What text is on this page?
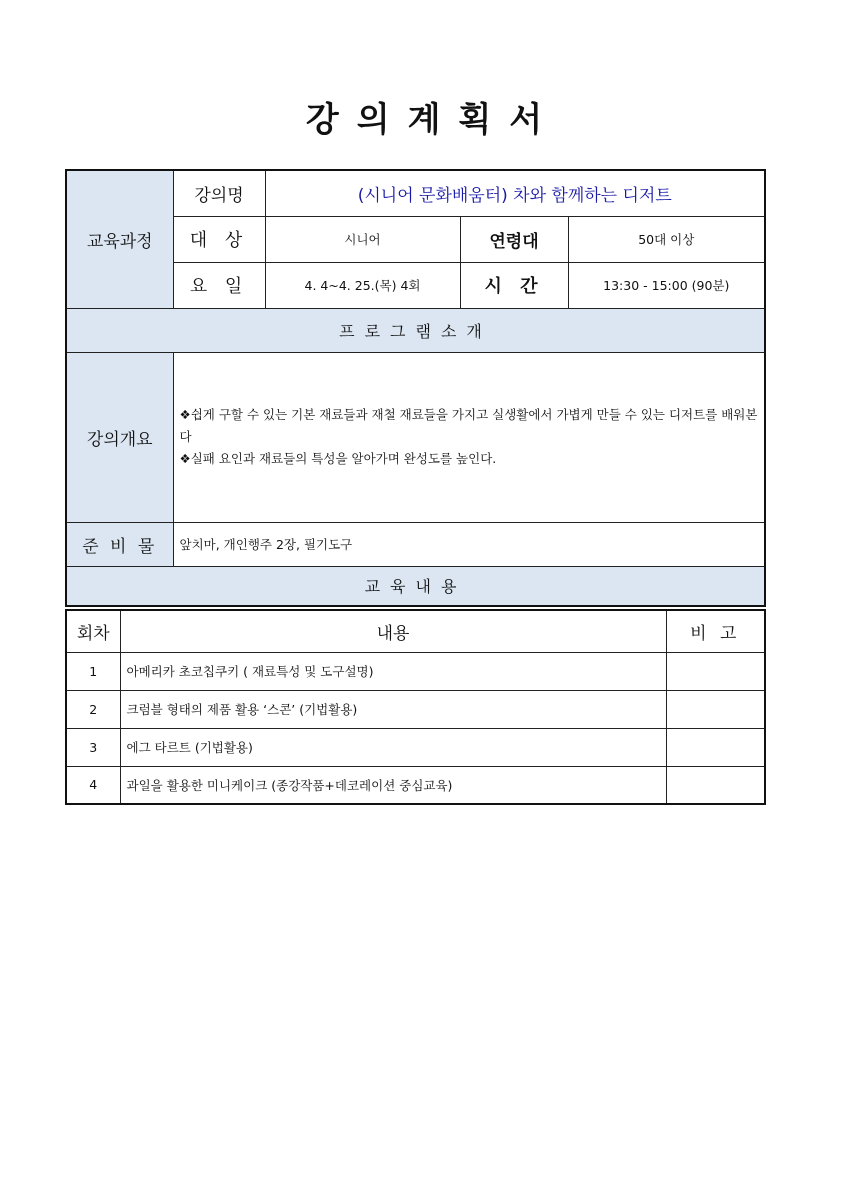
강의계획서
교육과정	강의명	(시니어 문화배움터) 차와 함께하는 디저트		
	대 상	시니어	연령대	50대 이상
	요 일	4. 4~4. 25.(목) 4회	시 간	13:30 - 15:00 (90분)
프로그램소개				
강의개요	❖쉽게 구할 수 있는 기본 재료들과 재철 재료들을 가지고 실생활에서 가볍게 만들 수 있는 디저트를 배워본다
❖실패 요인과 재료들의 특성을 알아가며 완성도를 높인다.			

준 비 물	앞치마, 개인행주 2장, 필기도구			
교육내용				
회차	내용	비 고
1	아메리카 초코칩쿠키 ( 재료특성 및 도구설명)	
2	크럼블 형태의 제품 활용 ‘스콘’ (기법활용)	
3	에그 타르트 (기법활용)	
4	과일을 활용한 미니케이크 (종강작품+데코레이션 중심교육)	
